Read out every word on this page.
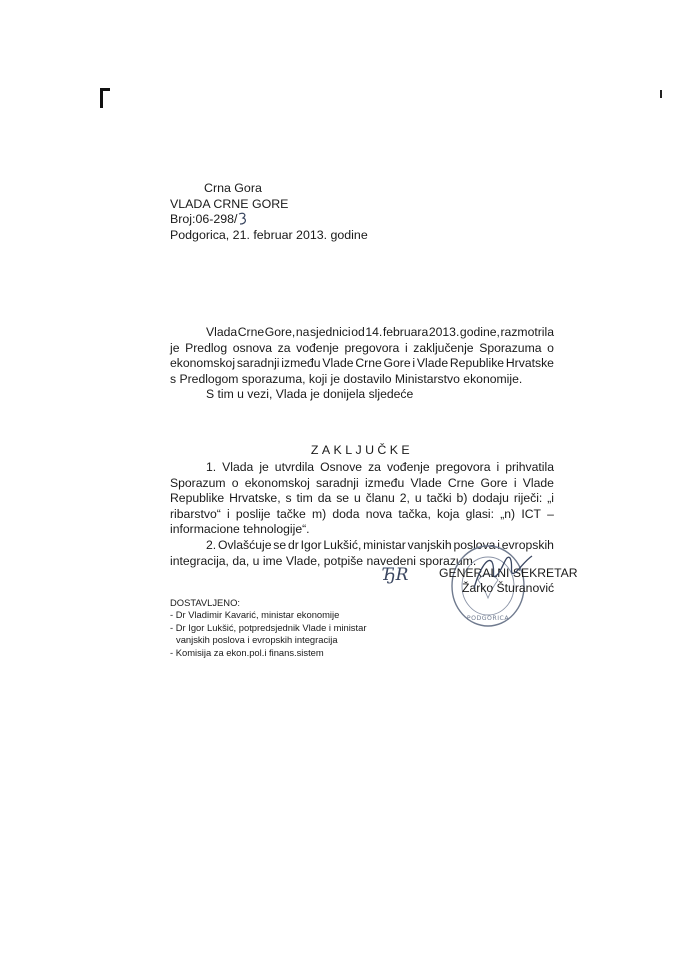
Crna Gora
VLADA CRNE GORE
Broj:06-298/
Podgorica, 21. februar 2013. godine
Vlada Crne Gore, na sjednici od 14. februara 2013. godine, razmotrila
je Predlog osnova za vođenje pregovora i zaključenje Sporazuma o
ekonomskoj saradnji između Vlade Crne Gore i Vlade Republike Hrvatske
s Predlogom sporazuma, koji je dostavilo Ministarstvo ekonomije.
S tim u vezi, Vlada je donijela sljedeće
ZAKLJUČKE
1. Vlada je utvrdila Osnove za vođenje pregovora i prihvatila
Sporazum o ekonomskoj saradnji između Vlade Crne Gore i Vlade
Republike Hrvatske, s tim da se u članu 2, u tački b) dodaju riječi: „i
ribarstvo“ i poslije tačke m) doda nova tačka, koja glasi: „n) ICT –
informacione tehnologije“.
2. Ovlašćuje se dr Igor Lukšić, ministar vanjskih poslova i evropskih
integracija, da, u ime Vlade, potpiše navedeni sporazum.
PODGORICA
ЂR	GENERALNI SEKRETAR
Žarko Šturanović
DOSTAVLJENO:
- Dr Vladimir Kavarić, ministar ekonomije
- Dr Igor Lukšić, potpredsjednik Vlade i ministar
vanjskih poslova i evropskih integracija
- Komisija za ekon.pol.i finans.sistem
